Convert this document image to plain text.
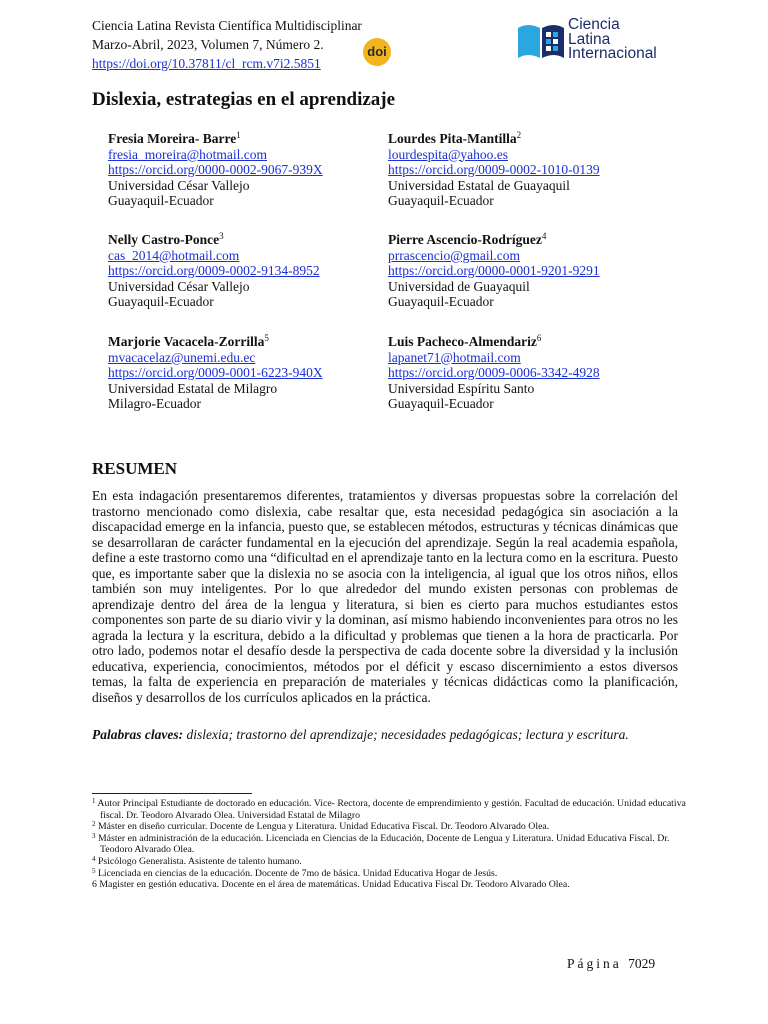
Ciencia Latina Revista Científica Multidisciplinar
Marzo-Abril, 2023, Volumen 7, Número 2.
https://doi.org/10.37811/cl_rcm.v7i2.5851
doi
Ciencia
Latina
Internacional
Dislexia, estrategias en el aprendizaje
Fresia Moreira- Barre$^1$
fresia_moreira@hotmail.com
https://orcid.org/0000-0002-9067-939X
Universidad César Vallejo
Guayaquil-Ecuador
Lourdes Pita-Mantilla$^2$
lourdespita@yahoo.es
https://orcid.org/0009-0002-1010-0139
Universidad Estatal de Guayaquil
Guayaquil-Ecuador
Nelly Castro-Ponce$^3$
cas_2014@hotmail.com
https://orcid.org/0009-0002-9134-8952
Universidad César Vallejo
Guayaquil-Ecuador
Pierre Ascencio-Rodríguez$^4$
prrascencio@gmail.com
https://orcid.org/0000-0001-9201-9291
Universidad de Guayaquil
Guayaquil-Ecuador
Marjorie Vacacela-Zorrilla$^5$
mvacacelaz@unemi.edu.ec
https://orcid.org/0009-0001-6223-940X
Universidad Estatal de Milagro
Milagro-Ecuador
Luis Pacheco-Almendariz$^6$
lapanet71@hotmail.com
https://orcid.org/0009-0006-3342-4928
Universidad Espíritu Santo
Guayaquil-Ecuador
RESUMEN

En esta indagación presentaremos diferentes, tratamientos y diversas propuestas sobre la correlación del trastorno mencionado como dislexia, cabe resaltar que, esta necesidad pedagógica sin asociación a la discapacidad emerge en la infancia, puesto que, se establecen métodos, estructuras y técnicas dinámicas que se desarrollaran de carácter fundamental en la ejecución del aprendizaje. Según la real academia española, define a este trastorno como una “dificultad en el aprendizaje tanto en la lectura como en la escritura. Puesto que, es importante saber que la dislexia no se asocia con la inteligencia, al igual que los otros niños, ellos también son muy inteligentes. Por lo que alrededor del mundo existen personas con problemas de aprendizaje dentro del área de la lengua y literatura, si bien es cierto para muchos estudiantes estos componentes son parte de su diario vivir y la dominan, así mismo habiendo inconvenientes para otros no les agrada la lectura y la escritura, debido a la dificultad y problemas que tienen a la hora de practicarla. Por otro lado, podemos notar el desafío desde la perspectiva de cada docente sobre la diversidad y la inclusión educativa, experiencia, conocimientos, métodos por el déficit y escaso discernimiento a estos diversos temas, la falta de experiencia en preparación de materiales y técnicas didácticas como la planificación, diseños y desarrollos de los currículos aplicados en la práctica.

Palabras claves: dislexia; trastorno del aprendizaje; necesidades pedagógicas; lectura y escritura.
$^1$ Autor Principal Estudiante de doctorado en educación. Vice- Rectora, docente de emprendimiento y gestión. Facultad de educación. Unidad educativa fiscal. Dr. Teodoro Alvarado Olea. Universidad Estatal de Milagro
$^2$ Máster en diseño curricular. Docente de Lengua y Literatura. Unidad Educativa Fiscal. Dr. Teodoro Alvarado Olea.
$^3$ Máster en administración de la educación. Licenciada en Ciencias de la Educación, Docente de Lengua y Literatura. Unidad Educativa Fiscal. Dr. Teodoro Alvarado Olea.
$^4$ Psicólogo Generalista. Asistente de talento humano.
$^5$ Licenciada en ciencias de la educación. Docente de 7mo de básica. Unidad Educativa Hogar de Jesús.
6 Magister en gestión educativa. Docente en el área de matemáticas. Unidad Educativa Fiscal Dr. Teodoro Alvarado Olea.
Página 7029
